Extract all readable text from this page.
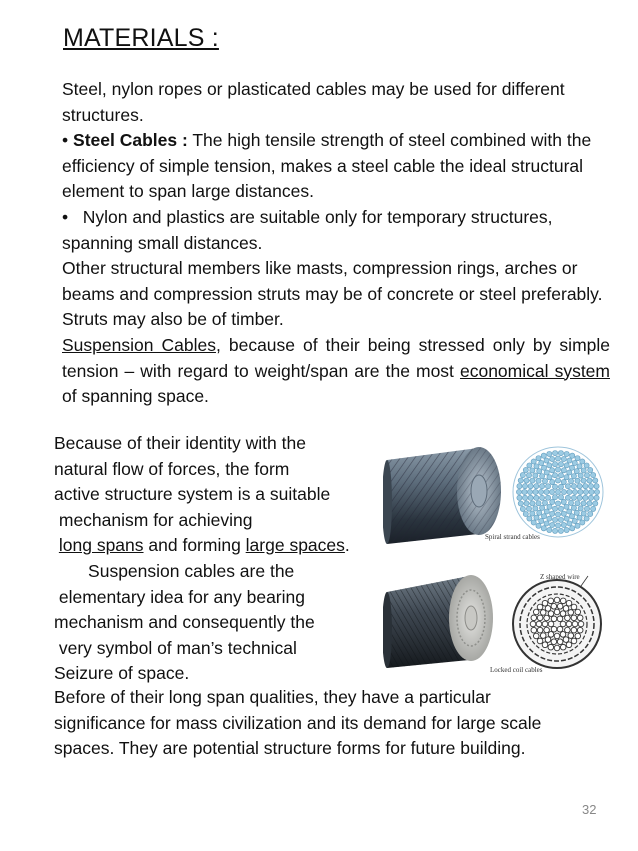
MATERIALS :
Steel, nylon ropes or plasticated cables may be used for different structures.
• Steel Cables : The high tensile strength of steel combined with the efficiency of simple tension, makes a steel cable the ideal structural element to span large distances.
• Nylon and plastics are suitable only for temporary structures, spanning small distances.
Other structural members like masts, compression rings, arches or beams and compression struts may be of concrete or steel preferably. Struts may also be of timber.
Suspension Cables, because of their being stressed only by simple tension – with regard to weight/span are the most economical system of spanning space.
Because of their identity with the
natural flow of forces, the form
active structure system is a suitable
mechanism for achieving
long spans and forming large spaces.
Suspension cables are the
elementary idea for any bearing
mechanism and consequently the
very symbol of man’s technical
Seizure of space.
Spiral strand cables
Z shaped wire
Locked coil cables
Before of their long span qualities, they have a particular
significance for mass civilization and its demand for large scale
spaces. They are potential structure forms for future building.
32
